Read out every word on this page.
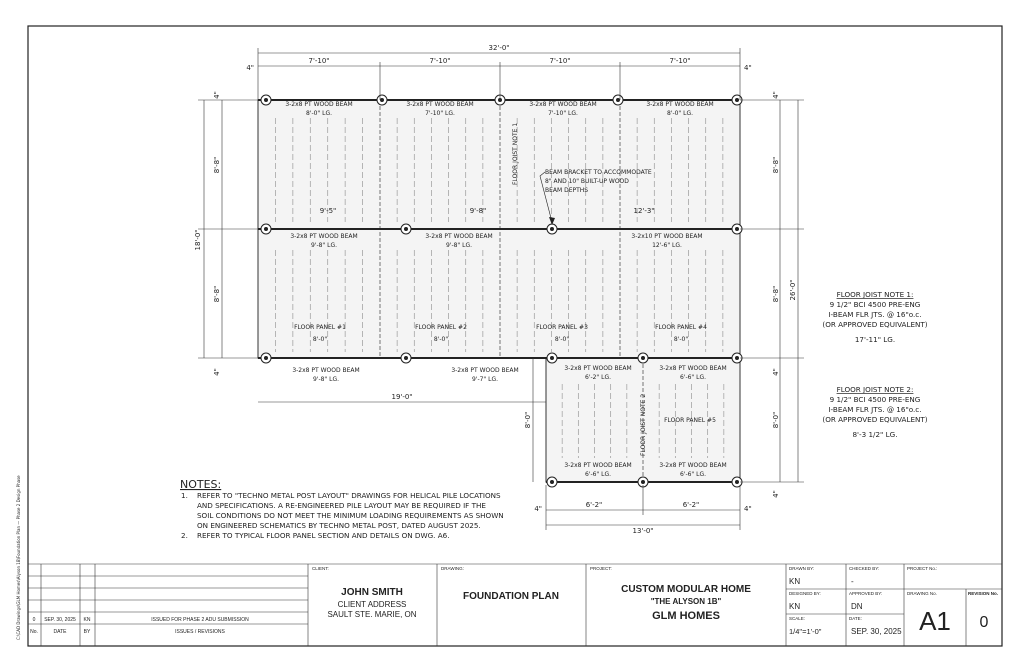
C:\CAD Drawings\GLM Homes\Alyson 1B\Foundation Plan — Phase 2 Design Phase
32'-0"
4"	4"
7'-10"	7'-10"	7'-10"	7'-10"
18'-0"
8'-8"
8'-8"
4"
4"
8'-8"
8'-8"
8'-0"
26'-0"
4"
4"
4"
19'-0"
8'-0"
6'-2"	6'-2"
13'-0"
4"	4"
3-2x8 PT WOOD BEAM
8'-0" LG.
3-2x8 PT WOOD BEAM
7'-10" LG.
3-2x8 PT WOOD BEAM
7'-10" LG.
3-2x8 PT WOOD BEAM
8'-0" LG.
9'-5"	9'-8"	12'-3"
3-2x8 PT WOOD BEAM
9'-8" LG.
3-2x8 PT WOOD BEAM
9'-8" LG.
3-2x10 PT WOOD BEAM
12'-6" LG.
3-2x8 PT WOOD BEAM
9'-8" LG.
3-2x8 PT WOOD BEAM
9'-7" LG.
3-2x8 PT WOOD BEAM
6'-2" LG.
3-2x8 PT WOOD BEAM
6'-6" LG.
3-2x8 PT WOOD BEAM
6'-6" LG.
3-2x8 PT WOOD BEAM
6'-6" LG.
FLOOR PANEL #1
8'-0"
FLOOR PANEL #2
8'-0"
FLOOR PANEL #3
8'-0"
FLOOR PANEL #4
8'-0"
FLOOR PANEL #5
FLOOR JOIST NOTE 1
FLOOR JOIST NOTE 2
BEAM BRACKET TO ACCOMMODATE
8" AND 10" BUILT-UP WOOD
BEAM DEPTHS
FLOOR JOIST NOTE 1:
9 1/2" BCI 4500 PRE-ENG
I-BEAM FLR JTS. @ 16"o.c.
(OR APPROVED EQUIVALENT)
17'-11" LG.
FLOOR JOIST NOTE 2:
9 1/2" BCI 4500 PRE-ENG
I-BEAM FLR JTS. @ 16"o.c.
(OR APPROVED EQUIVALENT)
8'-3 1/2" LG.
NOTES:
1. REFER TO "TECHNO METAL POST LAYOUT" DRAWINGS FOR HELICAL PILE LOCATIONS
AND SPECIFICATIONS. A RE-ENGINEERED PILE LAYOUT MAY BE REQUIRED IF THE
SOIL CONDITIONS DO NOT MEET THE MINIMUM LOADING REQUIREMENTS AS SHOWN
ON ENGINEERED SCHEMATICS BY TECHNO METAL POST, DATED AUGUST 2025.
2. REFER TO TYPICAL FLOOR PANEL SECTION AND DETAILS ON DWG. A6.
0 SEP. 30, 2025 KN	ISSUED FOR PHASE 2 ADU SUBMISSION
No.	DATE	BY	ISSUES / REVISIONS
CLIENT:
JOHN SMITH
CLIENT ADDRESS
SAULT STE. MARIE, ON
DRAWING:
FOUNDATION PLAN
PROJECT:
CUSTOM MODULAR HOME
"THE ALYSON 1B"
GLM HOMES
DRAWN BY:
KN
CHECKED BY:
-
DESIGNED BY:
KN
APPROVED BY:
DN
SCALE:
1/4"=1'-0"
DATE:
SEP. 30, 2025
PROJECT No.:
DRAWING No.
A1
REVISION No.
0
